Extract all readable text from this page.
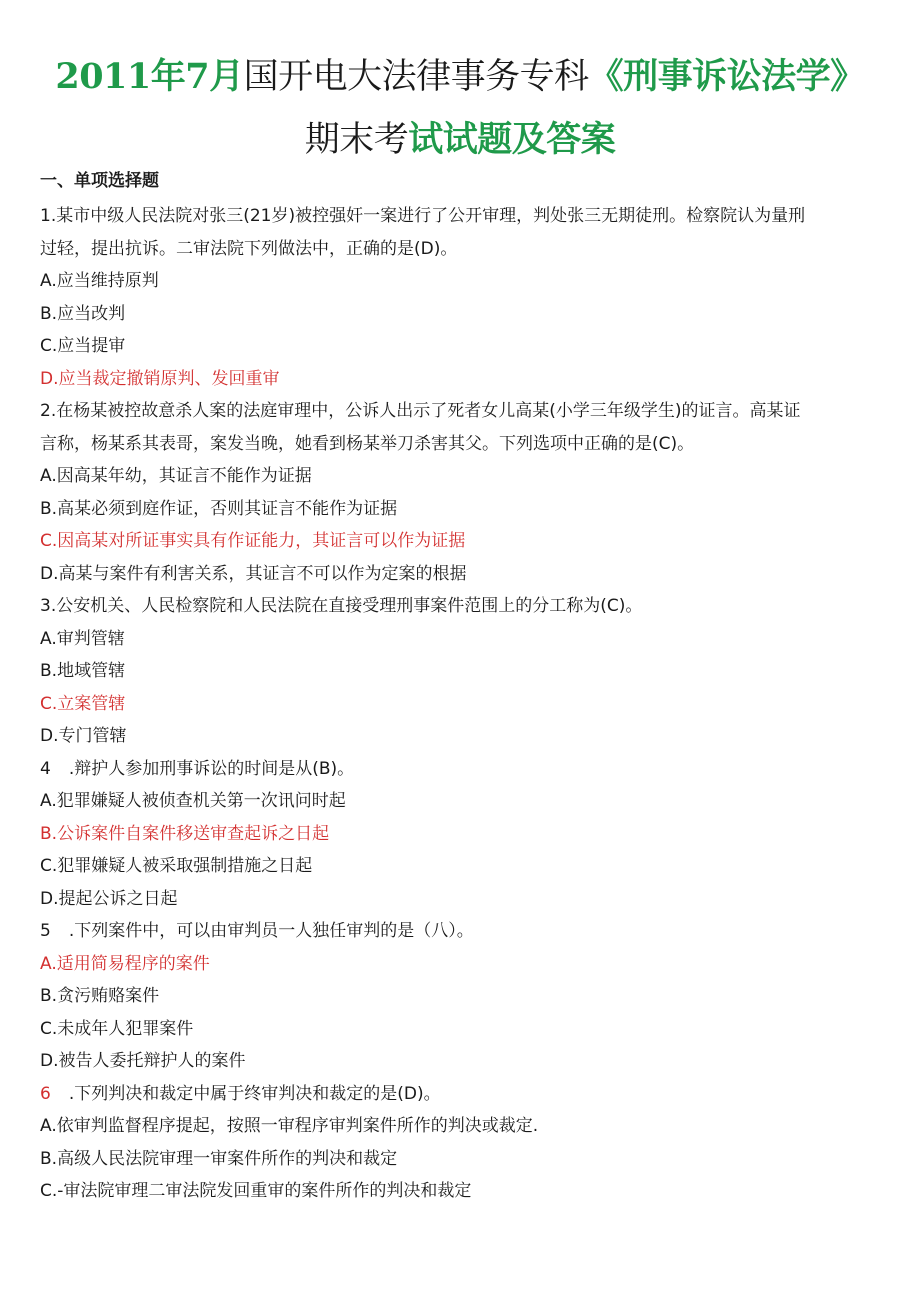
2011年7月国开电大法律事务专科《刑事诉讼法学》
期末考试试题及答案
一、单项选择题
1.某市中级人民法院对张三(21岁)被控强奸一案进行了公开审理，判处张三无期徒刑。检察院认为量刑
过轻，提出抗诉。二审法院下列做法中，正确的是(D)。
A.应当维持原判
B.应当改判
C.应当提审
D.应当裁定撤销原判、发回重审
2.在杨某被控故意杀人案的法庭审理中，公诉人出示了死者女儿高某(小学三年级学生)的证言。高某证
言称，杨某系其表哥，案发当晚，她看到杨某举刀杀害其父。下列选项中正确的是(C)。
A.因高某年幼，其证言不能作为证据
B.高某必须到庭作证，否则其证言不能作为证据
C.因高某对所证事实具有作证能力，其证言可以作为证据
D.高某与案件有利害关系，其证言不可以作为定案的根据
3.公安机关、人民检察院和人民法院在直接受理刑事案件范围上的分工称为(C)。
A.审判管辖
B.地域管辖
C.立案管辖
D.专门管辖
4 .辩护人参加刑事诉讼的时间是从(B)。
A.犯罪嫌疑人被侦查机关第一次讯问时起
B.公诉案件自案件移送审查起诉之日起
C.犯罪嫌疑人被采取强制措施之日起
D.提起公诉之日起
5 .下列案件中，可以由审判员一人独任审判的是（八）。
A.适用简易程序的案件
B.贪污贿赂案件
C.未成年人犯罪案件
D.被告人委托辩护人的案件
6 .下列判决和裁定中属于终审判决和裁定的是(D)。
A.依审判监督程序提起，按照一审程序审判案件所作的判决或裁定.
B.高级人民法院审理一审案件所作的判决和裁定
C.-审法院审理二审法院发回重审的案件所作的判决和裁定
